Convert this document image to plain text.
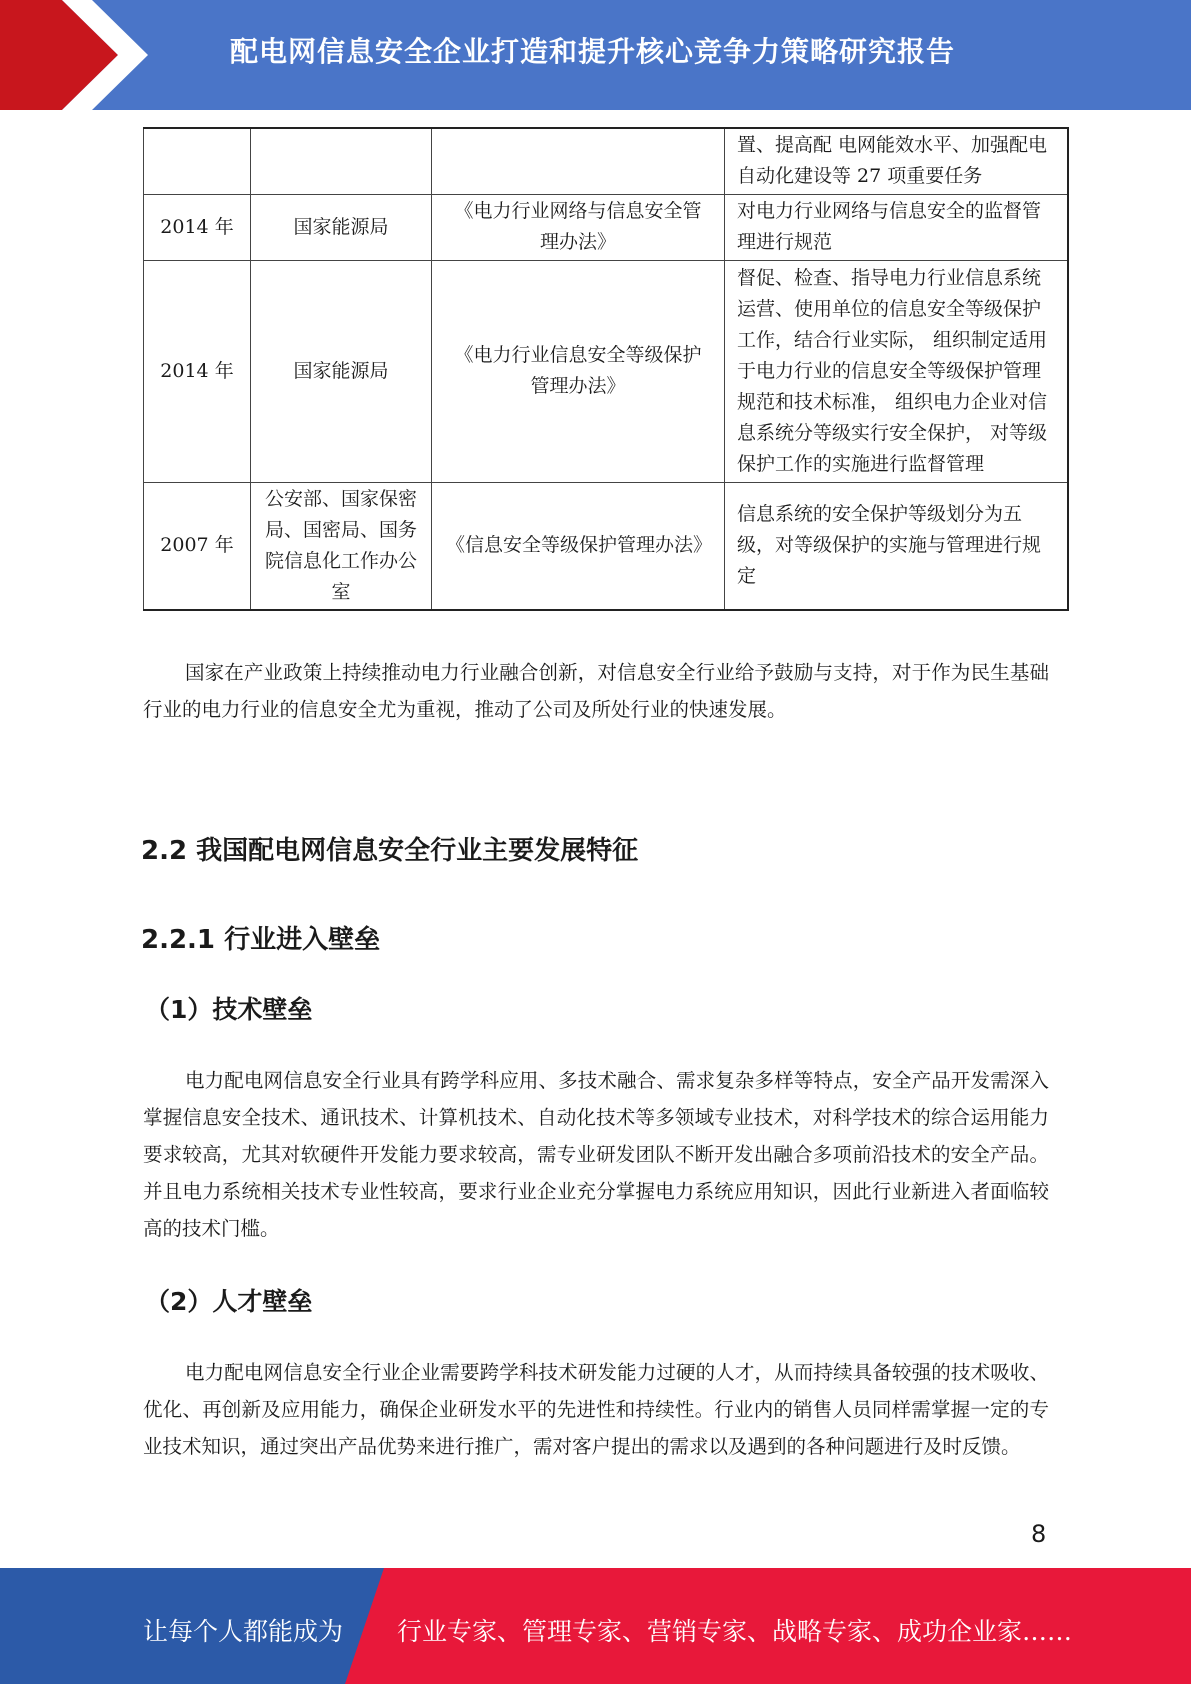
配电网信息安全企业打造和提升核心竞争力策略研究报告
			置、提高配 电网能效水平、加强配电自动化建设等 27 项重要任务
2014 年	国家能源局	《电力行业网络与信息安全管理办法》	对电力行业网络与信息安全的监督管理进行规范
2014 年	国家能源局	《电力行业信息安全等级保护管理办法》	督促、检查、指导电力行业信息系统运营、使用单位的信息安全等级保护工作，结合行业实际， 组织制定适用于电力行业的信息安全等级保护管理规范和技术标准， 组织电力企业对信息系统分等级实行安全保护， 对等级保护工作的实施进行监督管理
2007 年	公安部、国家保密局、国密局、国务院信息化工作办公室	《信息安全等级保护管理办法》	信息系统的安全保护等级划分为五级，对等级保护的实施与管理进行规定

国家在产业政策上持续推动电力行业融合创新，对信息安全行业给予鼓励与支持，对于作为民生基础行业的电力行业的信息安全尤为重视，推动了公司及所处行业的快速发展。

2.2 我国配电网信息安全行业主要发展特征
2.2.1 行业进入壁垒
（1）技术壁垒

电力配电网信息安全行业具有跨学科应用、多技术融合、需求复杂多样等特点，安全产品开发需深入掌握信息安全技术、通讯技术、计算机技术、自动化技术等多领域专业技术，对科学技术的综合运用能力要求较高，尤其对软硬件开发能力要求较高，需专业研发团队不断开发出融合多项前沿技术的安全产品。并且电力系统相关技术专业性较高，要求行业企业充分掌握电力系统应用知识，因此行业新进入者面临较高的技术门槛。

（2）人才壁垒

电力配电网信息安全行业企业需要跨学科技术研发能力过硬的人才，从而持续具备较强的技术吸收、优化、再创新及应用能力，确保企业研发水平的先进性和持续性。行业内的销售人员同样需掌握一定的专业技术知识，通过突出产品优势来进行推广，需对客户提出的需求以及遇到的各种问题进行及时反馈。

8
让每个人都能成为 行业专家、管理专家、营销专家、战略专家、成功企业家……
